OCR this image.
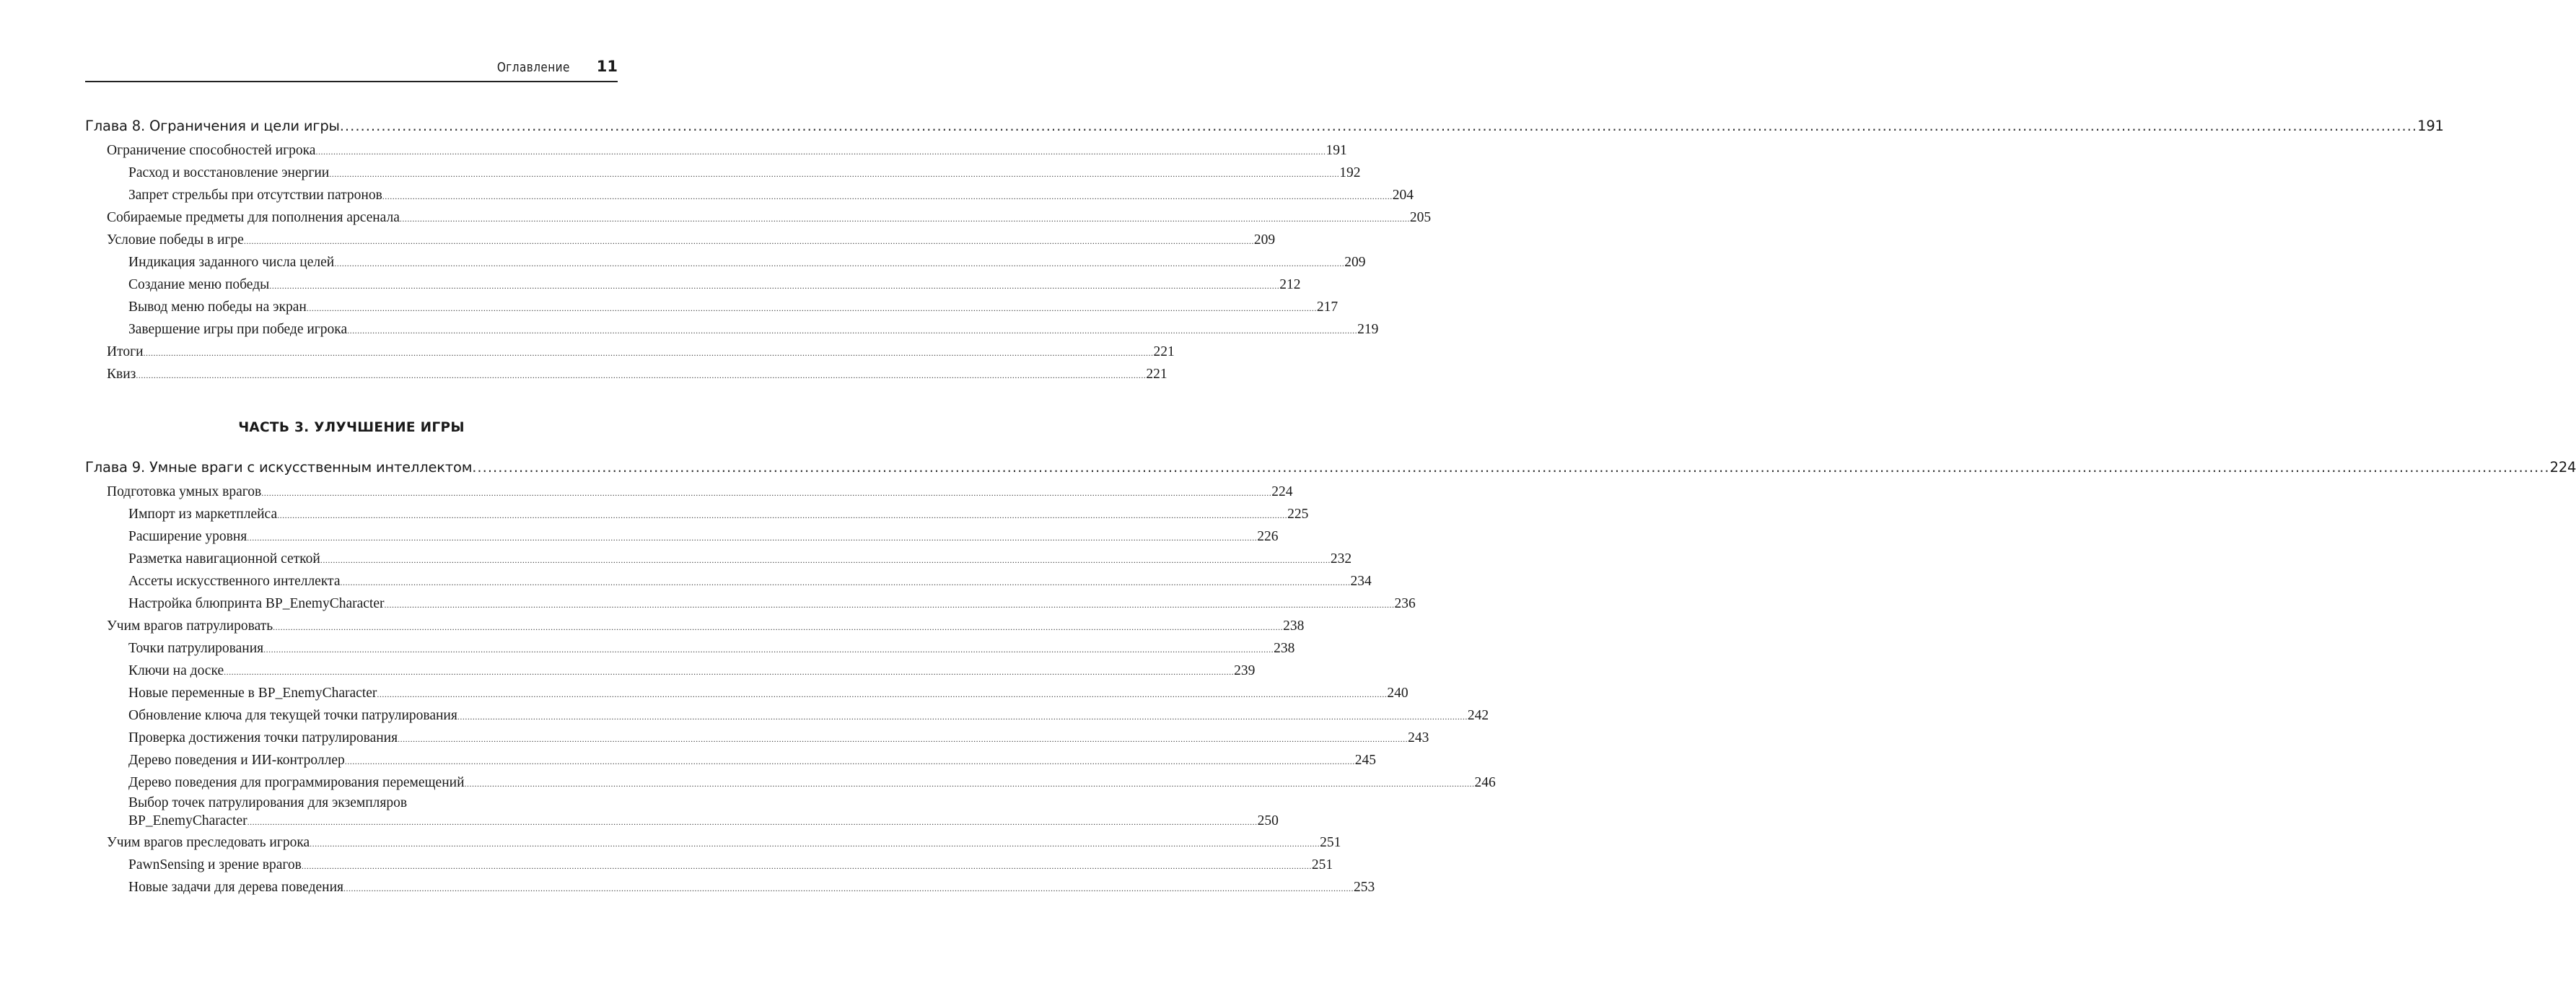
Оглавление 11
Глава 8. Ограничения и цели игры ................................................................................................................................................................................................................................................................................................................................................................................................................ 191
Ограничение способностей игрока ................................................................................................................................................................................................................................................................................................................................................................................................................ 191
Расход и восстановление энергии ................................................................................................................................................................................................................................................................................................................................................................................................................ 192
Запрет стрельбы при отсутствии патронов ................................................................................................................................................................................................................................................................................................................................................................................................................ 204
Собираемые предметы для пополнения арсенала ................................................................................................................................................................................................................................................................................................................................................................................................................ 205
Условие победы в игре ................................................................................................................................................................................................................................................................................................................................................................................................................ 209
Индикация заданного числа целей ................................................................................................................................................................................................................................................................................................................................................................................................................ 209
Создание меню победы ................................................................................................................................................................................................................................................................................................................................................................................................................ 212
Вывод меню победы на экран ................................................................................................................................................................................................................................................................................................................................................................................................................ 217
Завершение игры при победе игрока ................................................................................................................................................................................................................................................................................................................................................................................................................ 219
Итоги ................................................................................................................................................................................................................................................................................................................................................................................................................ 221
Квиз ................................................................................................................................................................................................................................................................................................................................................................................................................ 221
ЧАСТЬ 3. УЛУЧШЕНИЕ ИГРЫ
Глава 9. Умные враги с искусственным интеллектом ................................................................................................................................................................................................................................................................................................................................................................................................................ 224
Подготовка умных врагов ................................................................................................................................................................................................................................................................................................................................................................................................................ 224
Импорт из маркетплейса ................................................................................................................................................................................................................................................................................................................................................................................................................ 225
Расширение уровня ................................................................................................................................................................................................................................................................................................................................................................................................................ 226
Разметка навигационной сеткой ................................................................................................................................................................................................................................................................................................................................................................................................................ 232
Ассеты искусственного интеллекта ................................................................................................................................................................................................................................................................................................................................................................................................................ 234
Настройка блюпринта BP_EnemyCharacter ................................................................................................................................................................................................................................................................................................................................................................................................................ 236
Учим врагов патрулировать ................................................................................................................................................................................................................................................................................................................................................................................................................ 238
Точки патрулирования ................................................................................................................................................................................................................................................................................................................................................................................................................ 238
Ключи на доске ................................................................................................................................................................................................................................................................................................................................................................................................................ 239
Новые переменные в BP_EnemyCharacter ................................................................................................................................................................................................................................................................................................................................................................................................................ 240
Обновление ключа для текущей точки патрулирования ................................................................................................................................................................................................................................................................................................................................................................................................................ 242
Проверка достижения точки патрулирования ................................................................................................................................................................................................................................................................................................................................................................................................................ 243
Дерево поведения и ИИ-контроллер ................................................................................................................................................................................................................................................................................................................................................................................................................ 245
Дерево поведения для программирования перемещений ................................................................................................................................................................................................................................................................................................................................................................................................................ 246
Выбор точек патрулирования для экземпляров
BP_EnemyCharacter ................................................................................................................................................................................................................................................................................................................................................................................................................ 250
Учим врагов преследовать игрока ................................................................................................................................................................................................................................................................................................................................................................................................................ 251
PawnSensing и зрение врагов ................................................................................................................................................................................................................................................................................................................................................................................................................ 251
Новые задачи для дерева поведения ................................................................................................................................................................................................................................................................................................................................................................................................................ 253
